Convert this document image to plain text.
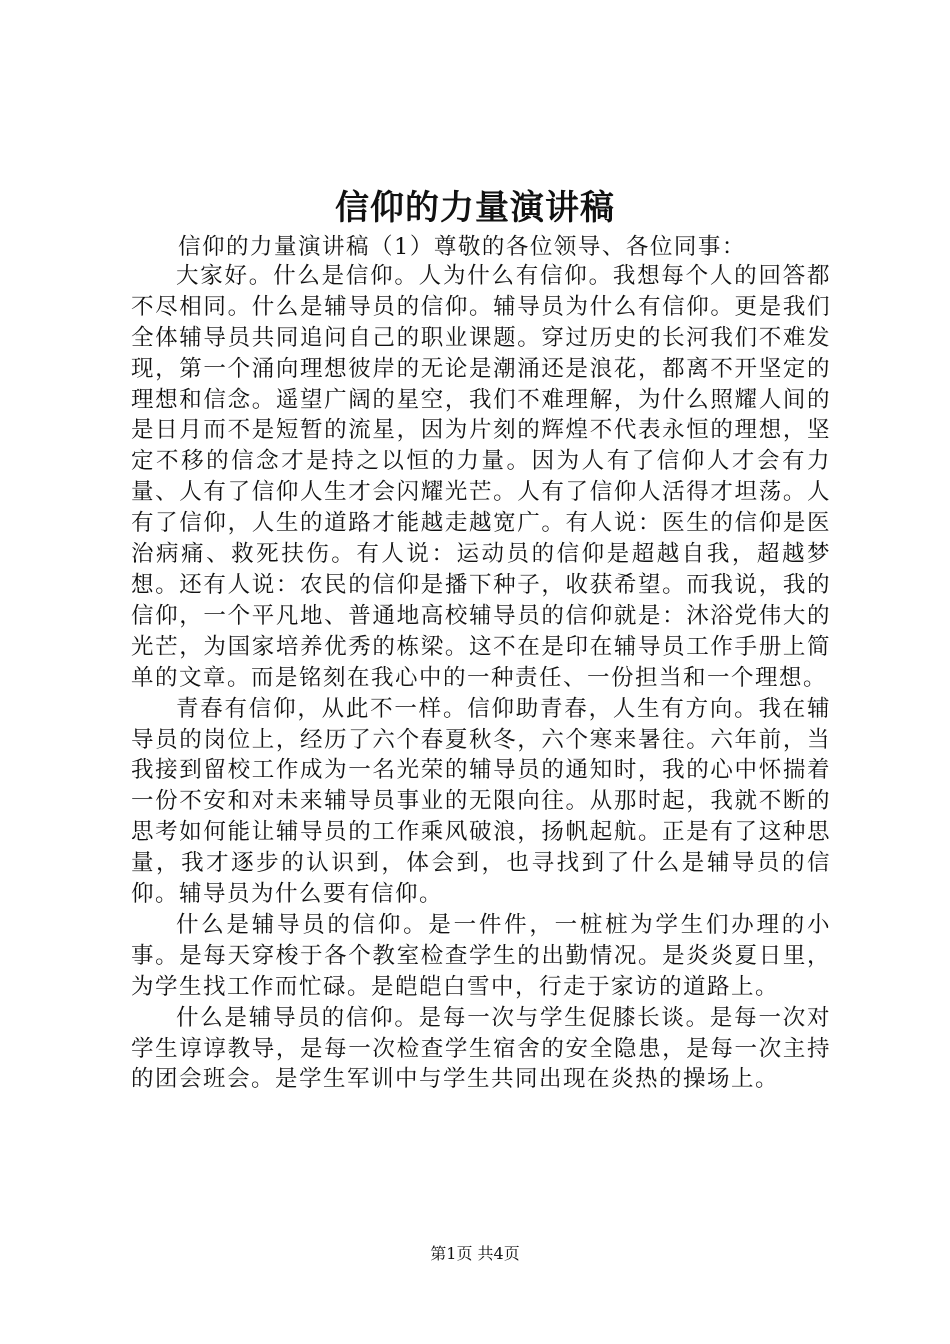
信仰的力量演讲稿

信仰的力量演讲稿（1）尊敬的各位领导、各位同事：

大家好。什么是信仰。人为什么有信仰。我想每个人的回答都不尽相同。什么是辅导员的信仰。辅导员为什么有信仰。更是我们全体辅导员共同追问自己的职业课题。穿过历史的长河我们不难发现，第一个涌向理想彼岸的无论是潮涌还是浪花，都离不开坚定的理想和信念。遥望广阔的星空，我们不难理解，为什么照耀人间的是日月而不是短暂的流星，因为片刻的辉煌不代表永恒的理想，坚定不移的信念才是持之以恒的力量。因为人有了信仰人才会有力量、人有了信仰人生才会闪耀光芒。人有了信仰人活得才坦荡。人有了信仰，人生的道路才能越走越宽广。有人说：医生的信仰是医治病痛、救死扶伤。有人说：运动员的信仰是超越自我，超越梦想。还有人说：农民的信仰是播下种子，收获希望。而我说，我的信仰，一个平凡地、普通地高校辅导员的信仰就是：沐浴党伟大的光芒，为国家培养优秀的栋梁。这不在是印在辅导员工作手册上简单的文章。而是铭刻在我心中的一种责任、一份担当和一个理想。

青春有信仰，从此不一样。信仰助青春，人生有方向。我在辅导员的岗位上，经历了六个春夏秋冬，六个寒来暑往。六年前，当我接到留校工作成为一名光荣的辅导员的通知时，我的心中怀揣着一份不安和对未来辅导员事业的无限向往。从那时起，我就不断的思考如何能让辅导员的工作乘风破浪，扬帆起航。正是有了这种思量，我才逐步的认识到，体会到，也寻找到了什么是辅导员的信仰。辅导员为什么要有信仰。

什么是辅导员的信仰。是一件件，一桩桩为学生们办理的小事。是每天穿梭于各个教室检查学生的出勤情况。是炎炎夏日里，为学生找工作而忙碌。是皑皑白雪中，行走于家访的道路上。

什么是辅导员的信仰。是每一次与学生促膝长谈。是每一次对学生谆谆教导，是每一次检查学生宿舍的安全隐患，是每一次主持的团会班会。是学生军训中与学生共同出现在炎热的操场上。

第1页 共4页
